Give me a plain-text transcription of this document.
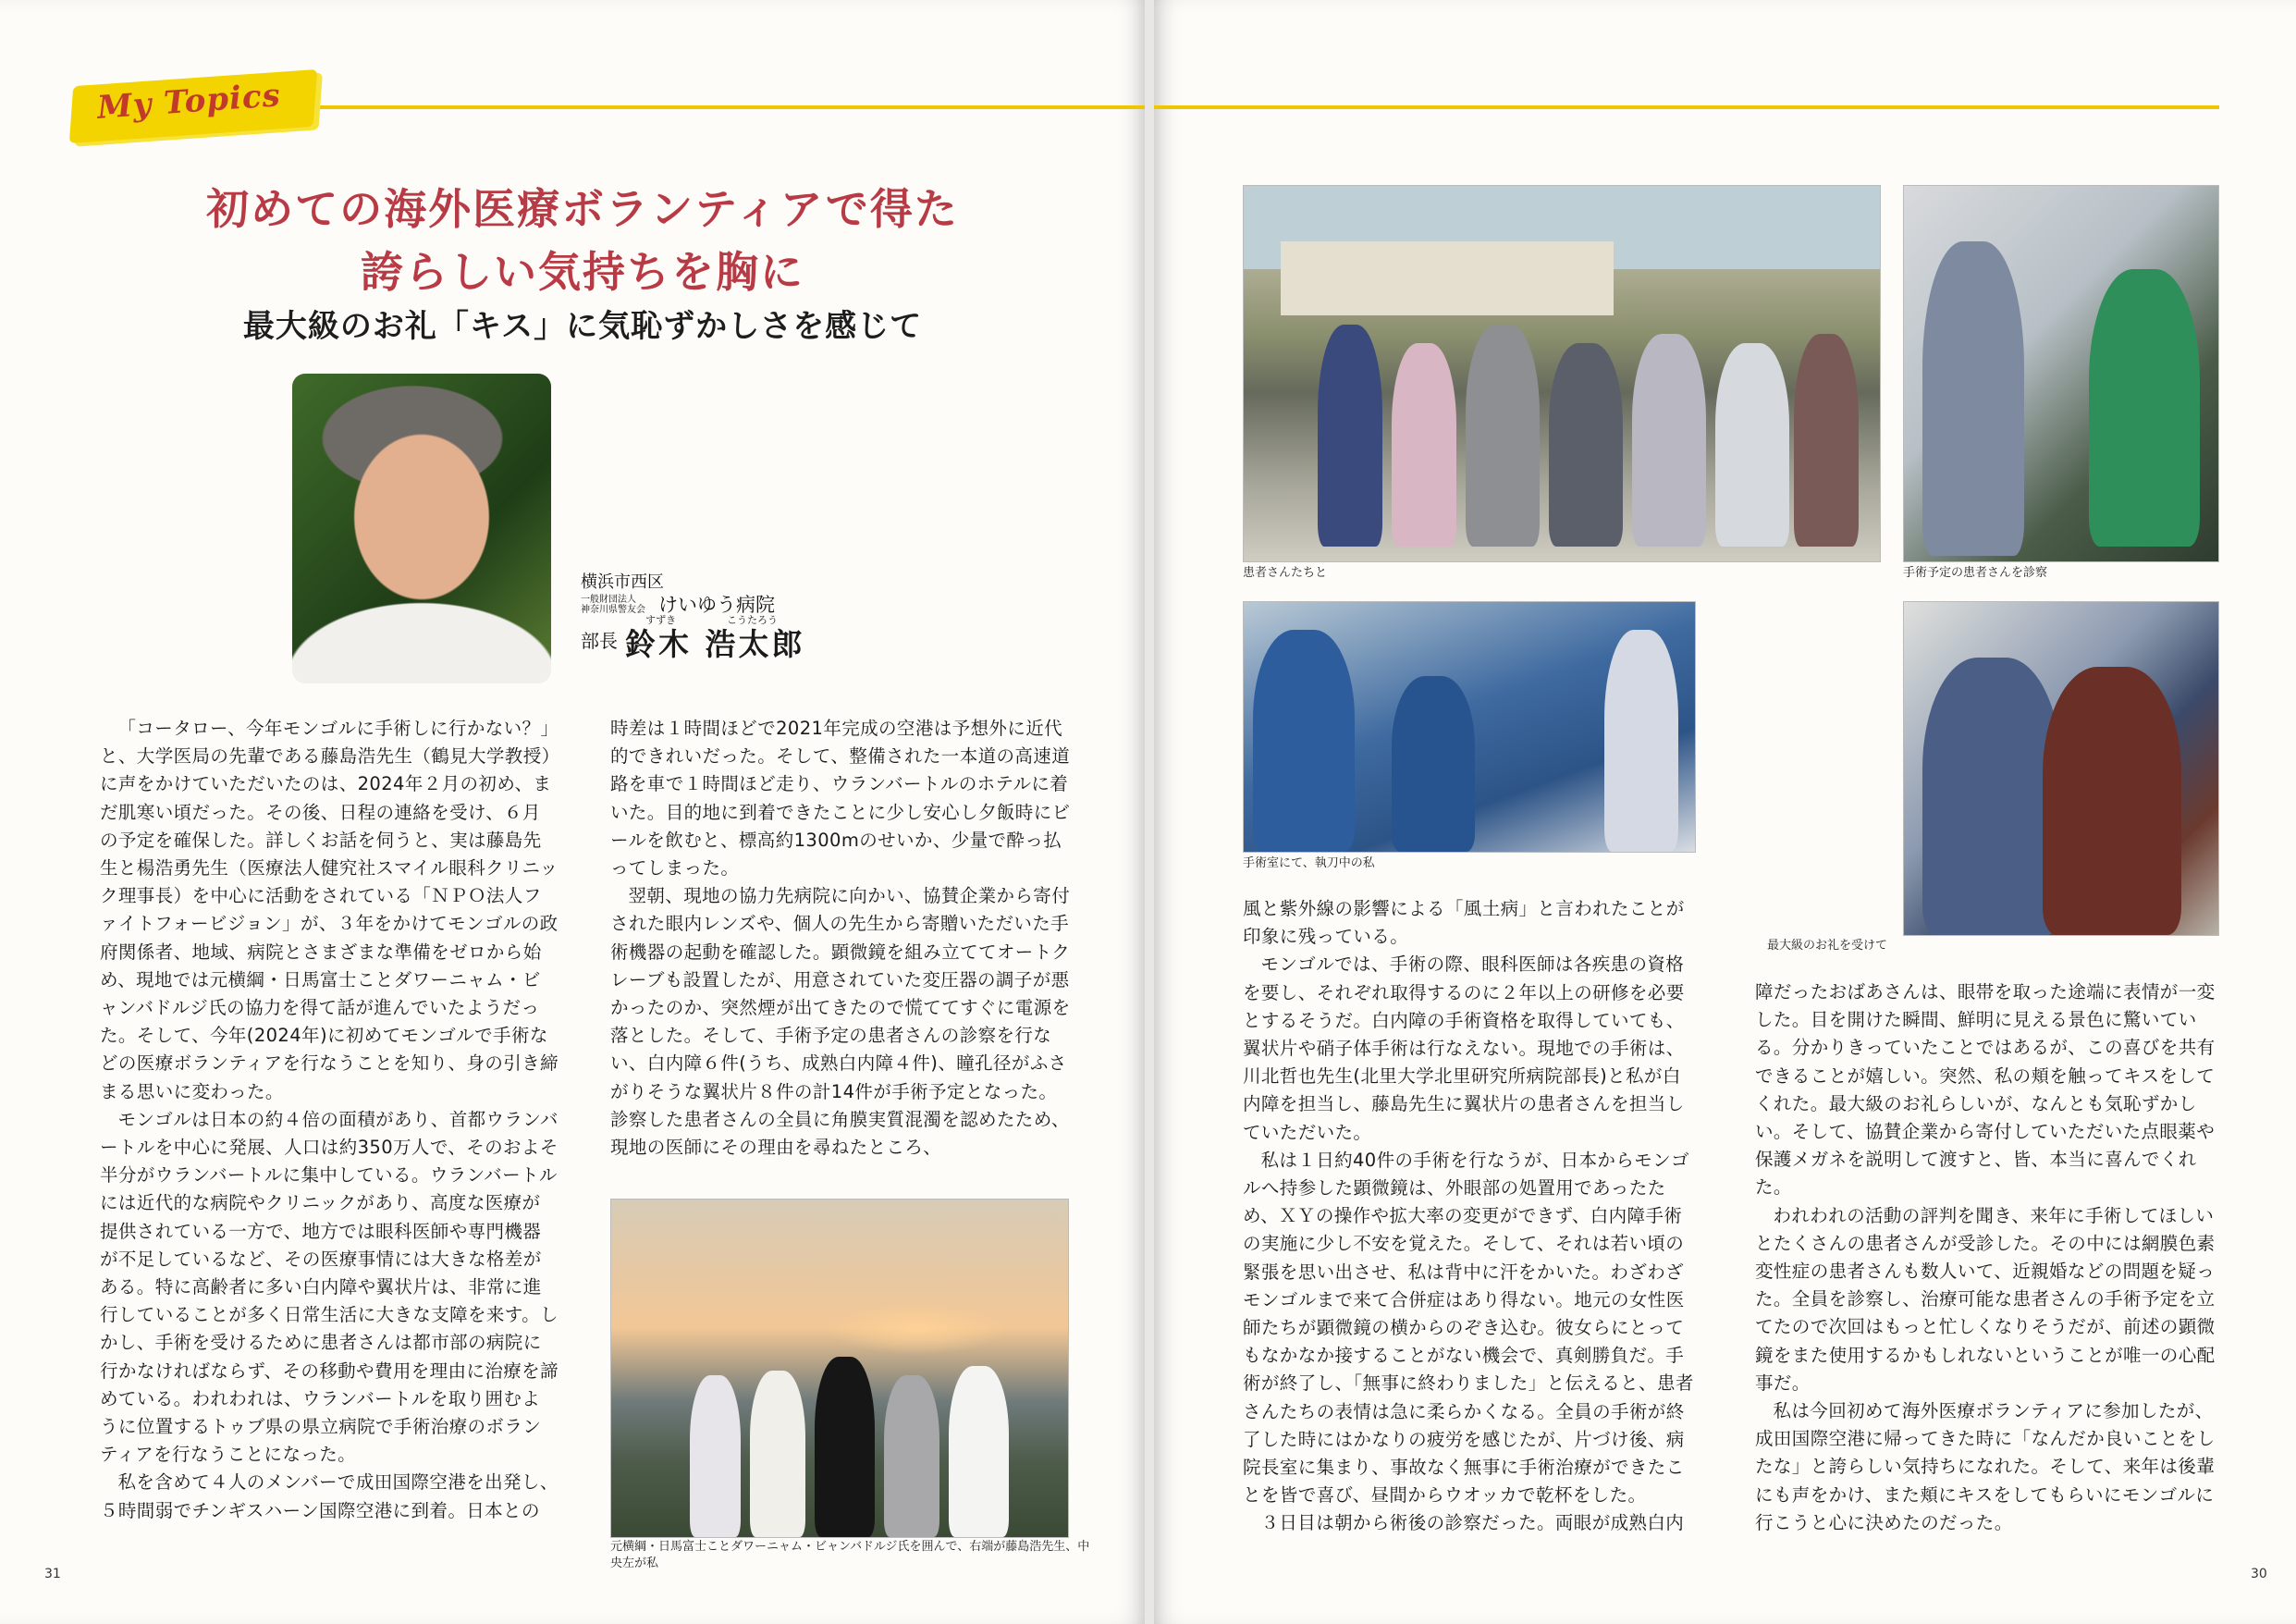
My Topics
初めての海外医療ボランティアで得た
誇らしい気持ちを胸に
最大級のお礼「キス」に気恥ずかしさを感じて
横浜市西区
一般財団法人
神奈川県警友会 けいゆう病院
部長
すずき	こうたろう
鈴木 浩太郎

「コータロー、今年モンゴルに手術しに行かない？」と、大学医局の先輩である藤島浩先生（鶴見大学教授）に声をかけていただいたのは、2024年２月の初め、まだ肌寒い頃だった。その後、日程の連絡を受け、６月の予定を確保した。詳しくお話を伺うと、実は藤島先生と楊浩勇先生（医療法人健究社スマイル眼科クリニック理事長）を中心に活動をされている「ＮＰＯ法人ファイトフォービジョン」が、３年をかけてモンゴルの政府関係者、地域、病院とさまざまな準備をゼロから始め、現地では元横綱・日馬富士ことダワーニャム・ビャンバドルジ氏の協力を得て話が進んでいたようだった。そして、今年(2024年)に初めてモンゴルで手術などの医療ボランティアを行なうことを知り、身の引き締まる思いに変わった。

モンゴルは日本の約４倍の面積があり、首都ウランバートルを中心に発展、人口は約350万人で、そのおよそ半分がウランバートルに集中している。ウランバートルには近代的な病院やクリニックがあり、高度な医療が提供されている一方で、地方では眼科医師や専門機器が不足しているなど、その医療事情には大きな格差がある。特に高齢者に多い白内障や翼状片は、非常に進行していることが多く日常生活に大きな支障を来す。しかし、手術を受けるために患者さんは都市部の病院に行かなければならず、その移動や費用を理由に治療を諦めている。われわれは、ウランバートルを取り囲むように位置するトゥブ県の県立病院で手術治療のボランティアを行なうことになった。

私を含めて４人のメンバーで成田国際空港を出発し、５時間弱でチンギスハーン国際空港に到着。日本との

時差は１時間ほどで2021年完成の空港は予想外に近代的できれいだった。そして、整備された一本道の高速道路を車で１時間ほど走り、ウランバートルのホテルに着いた。目的地に到着できたことに少し安心し夕飯時にビールを飲むと、標高約1300mのせいか、少量で酔っ払ってしまった。

翌朝、現地の協力先病院に向かい、協賛企業から寄付された眼内レンズや、個人の先生から寄贈いただいた手術機器の起動を確認した。顕微鏡を組み立ててオートクレーブも設置したが、用意されていた変圧器の調子が悪かったのか、突然煙が出てきたので慌ててすぐに電源を落とした。そして、手術予定の患者さんの診察を行ない、白内障６件(うち、成熟白内障４件)、瞳孔径がふさがりそうな翼状片８件の計14件が手術予定となった。診察した患者さんの全員に角膜実質混濁を認めたため、現地の医師にその理由を尋ねたところ、

元横綱・日馬富士ことダワーニャム・ビャンバドルジ氏を囲んで、右端が藤島浩先生、中央左が私
31
患者さんたちと	手術予定の患者さんを診察
手術室にて、執刀中の私
最大級のお礼を受けて

風と紫外線の影響による「風土病」と言われたことが印象に残っている。

モンゴルでは、手術の際、眼科医師は各疾患の資格を要し、それぞれ取得するのに２年以上の研修を必要とするそうだ。白内障の手術資格を取得していても、翼状片や硝子体手術は行なえない。現地での手術は、川北哲也先生(北里大学北里研究所病院部長)と私が白内障を担当し、藤島先生に翼状片の患者さんを担当していただいた。

私は１日約40件の手術を行なうが、日本からモンゴルへ持参した顕微鏡は、外眼部の処置用であったため、ＸＹの操作や拡大率の変更ができず、白内障手術の実施に少し不安を覚えた。そして、それは若い頃の緊張を思い出させ、私は背中に汗をかいた。わざわざモンゴルまで来て合併症はあり得ない。地元の女性医師たちが顕微鏡の横からのぞき込む。彼女らにとってもなかなか接することがない機会で、真剣勝負だ。手術が終了し、「無事に終わりました」と伝えると、患者さんたちの表情は急に柔らかくなる。全員の手術が終了した時にはかなりの疲労を感じたが、片づけ後、病院長室に集まり、事故なく無事に手術治療ができたことを皆で喜び、昼間からウオッカで乾杯をした。

３日目は朝から術後の診察だった。両眼が成熟白内

障だったおばあさんは、眼帯を取った途端に表情が一変した。目を開けた瞬間、鮮明に見える景色に驚いている。分かりきっていたことではあるが、この喜びを共有できることが嬉しい。突然、私の頬を触ってキスをしてくれた。最大級のお礼らしいが、なんとも気恥ずかしい。そして、協賛企業から寄付していただいた点眼薬や保護メガネを説明して渡すと、皆、本当に喜んでくれた。

われわれの活動の評判を聞き、来年に手術してほしいとたくさんの患者さんが受診した。その中には網膜色素変性症の患者さんも数人いて、近親婚などの問題を疑った。全員を診察し、治療可能な患者さんの手術予定を立てたので次回はもっと忙しくなりそうだが、前述の顕微鏡をまた使用するかもしれないということが唯一の心配事だ。

私は今回初めて海外医療ボランティアに参加したが、成田国際空港に帰ってきた時に「なんだか良いことをしたな」と誇らしい気持ちになれた。そして、来年は後輩にも声をかけ、また頬にキスをしてもらいにモンゴルに行こうと心に決めたのだった。

30
